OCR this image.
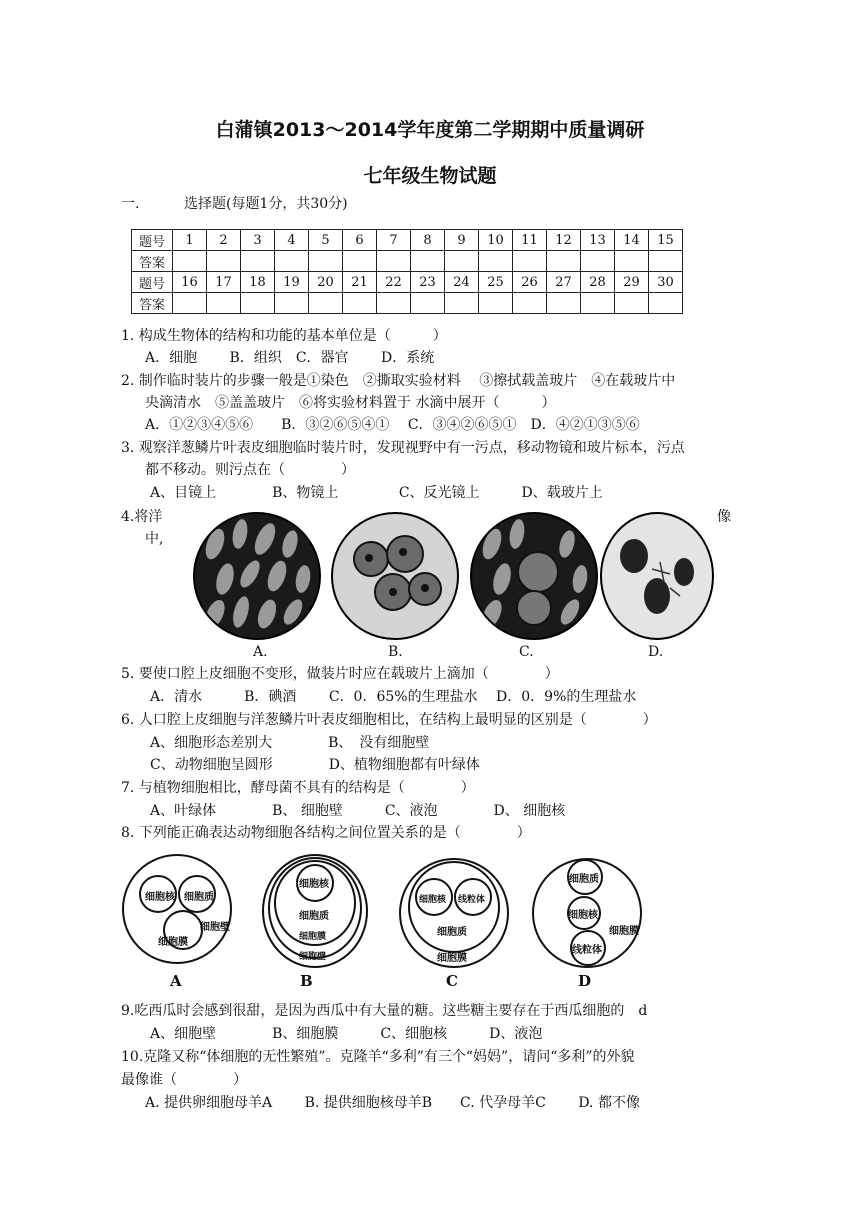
白蒲镇2013～2014学年度第二学期期中质量调研
七年级生物试题
一.	选择题(每题1分，共30分)
题号	1	2	3	4	5	6	7	8	9	10	11	12	13	14	15
答案															
题号	16	17	18	19	20	21	22	23	24	25	26	27	28	29	30
答案															
1. 构成生物体的结构和功能的基本单位是（　　　）
A．细胞　　 B．组织　C．器官　　 D．系统
2. 制作临时装片的步骤一般是①染色　②撕取实验材料　 ③擦拭载盖玻片　④在载玻片中
央滴清水　⑤盖盖玻片　⑥将实验材料置于 水滴中展开（　　　）
A．①②③④⑤⑥　　B．③②⑥⑤④①　 C．③④②⑥⑤①　D．④②①③⑤⑥
3. 观察洋葱鳞片叶表皮细胞临时装片时，发现视野中有一污点，移动物镜和玻片标本，污点
都不移动。则污点在（　　　　）
A、目镜上　　　　B、物镜上　　　　 C、反光镜上　　　D、载玻片上
4.将洋	像
中,
A.	B.	C.	D.
5. 要使口腔上皮细胞不变形，做装片时应在载玻片上滴加（　　　　）
A．清水　　　B．碘酒　　 C．0．65%的生理盐水　 D．0．9%的生理盐水
6. 人口腔上皮细胞与洋葱鳞片叶表皮细胞相比，在结构上最明显的区别是（　　　　）
A、细胞形态差别大　　　　B、　没有细胞壁
C、动物细胞呈圆形　　　　D、植物细胞都有叶绿体
7. 与植物细胞相比，酵母菌不具有的结构是（　　　　）
A、叶绿体　　　　B、 细胞壁　　　C、液泡　　　　D、 细胞核
8. 下列能正确表达动物细胞各结构之间位置关系的是（　　　　）
细胞核 细胞质
细胞壁
细胞膜
A
细胞核
细胞质
细胞膜
细胞壁
B
细胞核 线粒体
细胞质
细胞膜
C
细胞质
细胞核
细胞膜
线粒体
D
9.吃西瓜时会感到很甜，是因为西瓜中有大量的糖。这些糖主要存在于西瓜细胞的　d
A、细胞壁　　　　B、细胞膜　　　C、细胞核　　　D、液泡
10.克隆又称“体细胞的无性繁殖”。克隆羊“多利”有三个“妈妈”，请问“多利”的外貌
最像谁（　　　　）
A. 提供卵细胞母羊A　　 B. 提供细胞核母羊B　　C. 代孕母羊C　　 D. 都不像
